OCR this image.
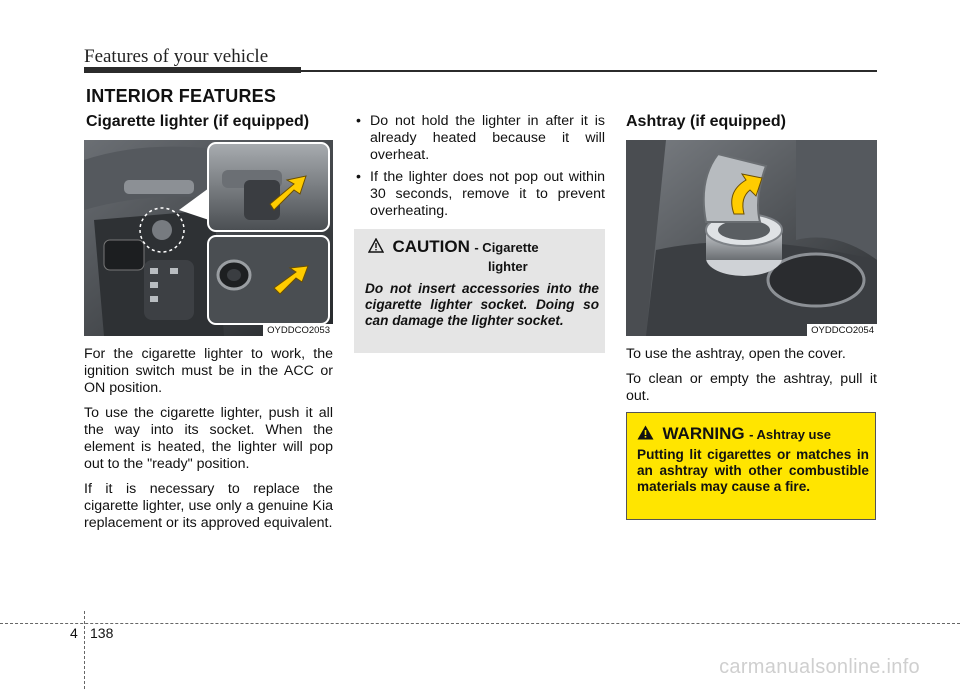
Features of your vehicle
INTERIOR FEATURES
Cigarette lighter (if equipped)
OYDDCO2053

For the cigarette lighter to work, the ignition switch must be in the ACC or ON position.

To use the cigarette lighter, push it all the way into its socket. When the element is heated, the lighter will pop out to the "ready" position.

If it is necessary to replace the cigarette lighter, use only a genuine Kia replacement or its approved equivalent.

• Do not hold the lighter in after it is already heated because it will overheat.
• If the lighter does not pop out within 30 seconds, remove it to prevent overheating.
CAUTION - Cigarette
lighter
Do not insert accessories into the cigarette lighter socket. Doing so can damage the lighter socket.
Ashtray (if equipped)
OYDDCO2054

To use the ashtray, open the cover.

To clean or empty the ashtray, pull it out.

WARNING - Ashtray use
Putting lit cigarettes or matches in an ashtray with other combustible materials may cause a fire.
4 138
carmanualsonline.info
